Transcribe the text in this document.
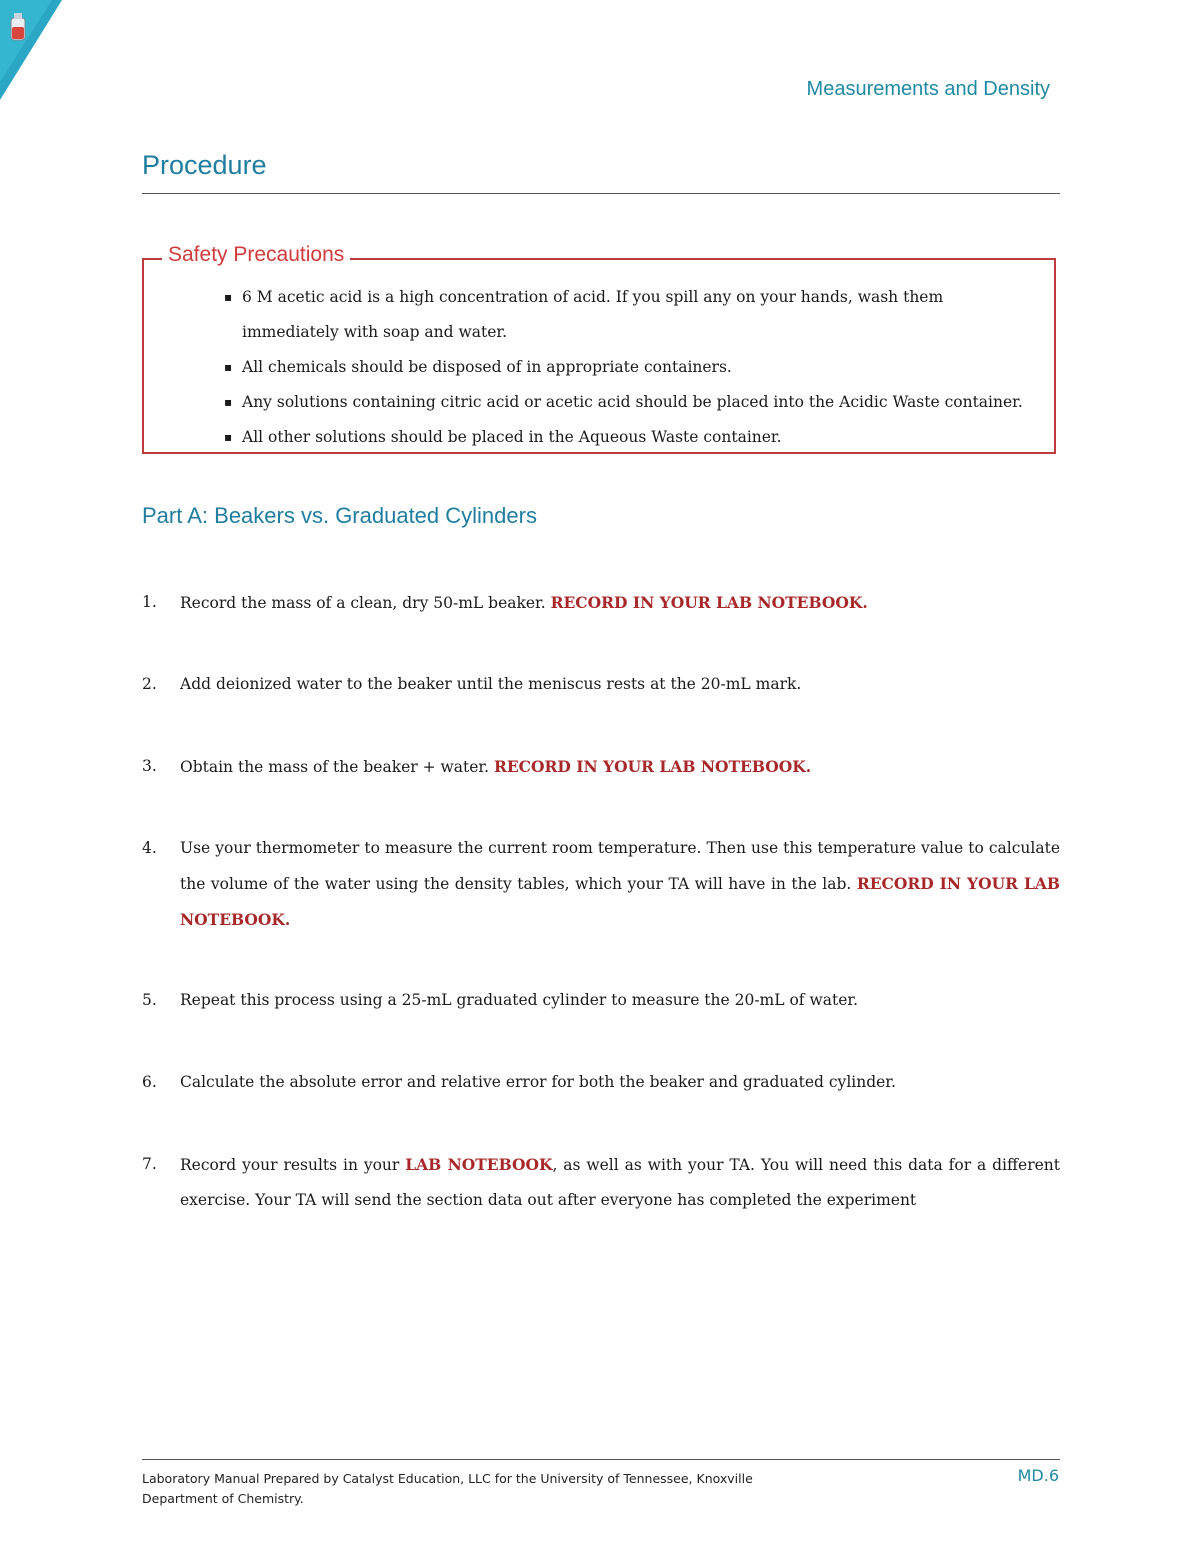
Measurements and Density
Procedure
Safety Precautions
▪ 6 M acetic acid is a high concentration of acid. If you spill any on your hands, wash them immediately with soap and water.
▪ All chemicals should be disposed of in appropriate containers.
▪ Any solutions containing citric acid or acetic acid should be placed into the Acidic Waste container.
▪ All other solutions should be placed in the Aqueous Waste container.
Part A: Beakers vs. Graduated Cylinders
1.	Record the mass of a clean, dry 50-mL beaker. RECORD IN YOUR LAB NOTEBOOK.
2.	Add deionized water to the beaker until the meniscus rests at the 20-mL mark.
3.	Obtain the mass of the beaker + water. RECORD IN YOUR LAB NOTEBOOK.
4.	Use your thermometer to measure the current room temperature. Then use this temperature value to calculate the volume of the water using the density tables, which your TA will have in the lab. RECORD IN YOUR LAB NOTEBOOK.
5.	Repeat this process using a 25-mL graduated cylinder to measure the 20-mL of water.
6.	Calculate the absolute error and relative error for both the beaker and graduated cylinder.
7.	Record your results in your LAB NOTEBOOK, as well as with your TA. You will need this data for a different exercise. Your TA will send the section data out after everyone has completed the experiment
Laboratory Manual Prepared by Catalyst Education, LLC for the University of Tennessee, Knoxville
Department of Chemistry.
MD.6
